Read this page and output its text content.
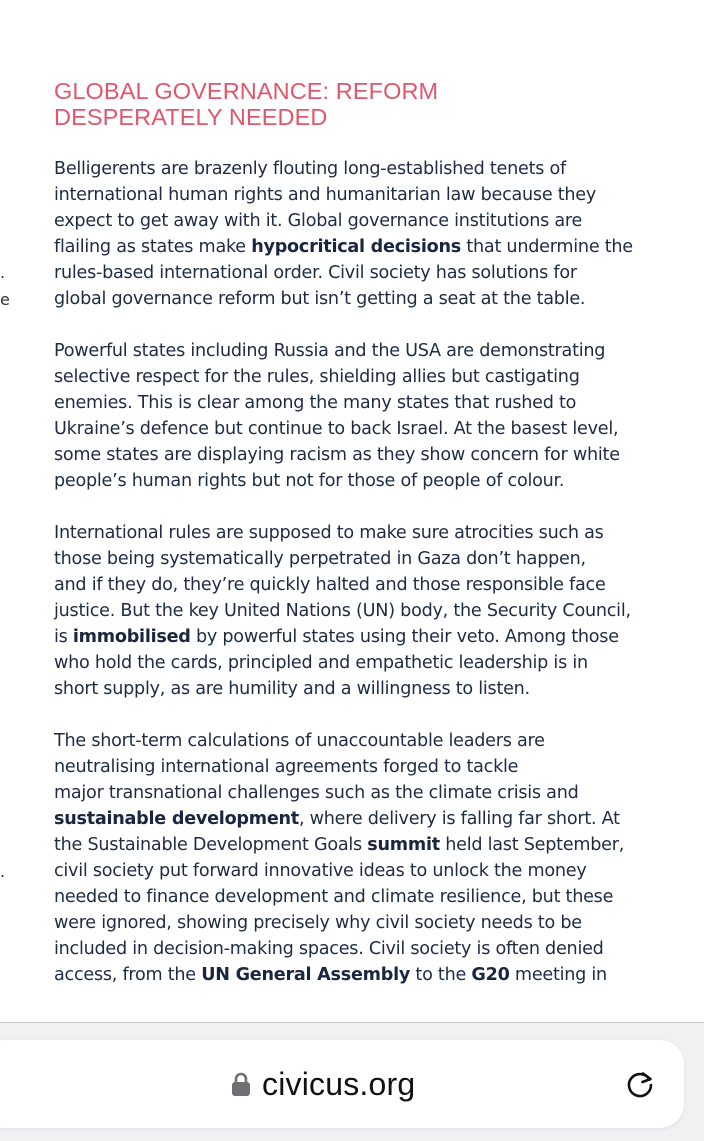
.
e
.
GLOBAL GOVERNANCE: REFORM
DESPERATELY NEEDED

Belligerents are brazenly flouting long-established tenets of
international human rights and humanitarian law because they
expect to get away with it. Global governance institutions are
flailing as states make hypocritical decisions that undermine the
rules-based international order. Civil society has solutions for
global governance reform but isn’t getting a seat at the table.

Powerful states including Russia and the USA are demonstrating
selective respect for the rules, shielding allies but castigating
enemies. This is clear among the many states that rushed to
Ukraine’s defence but continue to back Israel. At the basest level,
some states are displaying racism as they show concern for white
people’s human rights but not for those of people of colour.

International rules are supposed to make sure atrocities such as
those being systematically perpetrated in Gaza don’t happen,
and if they do, they’re quickly halted and those responsible face
justice. But the key United Nations (UN) body, the Security Council,
is immobilised by powerful states using their veto. Among those
who hold the cards, principled and empathetic leadership is in
short supply, as are humility and a willingness to listen.

The short-term calculations of unaccountable leaders are
neutralising international agreements forged to tackle
major transnational challenges such as the climate crisis and
sustainable development, where delivery is falling far short. At
the Sustainable Development Goals summit held last September,
civil society put forward innovative ideas to unlock the money
needed to finance development and climate resilience, but these
were ignored, showing precisely why civil society needs to be
included in decision-making spaces. Civil society is often denied
access, from the UN General Assembly to the G20 meeting in

civicus.org
